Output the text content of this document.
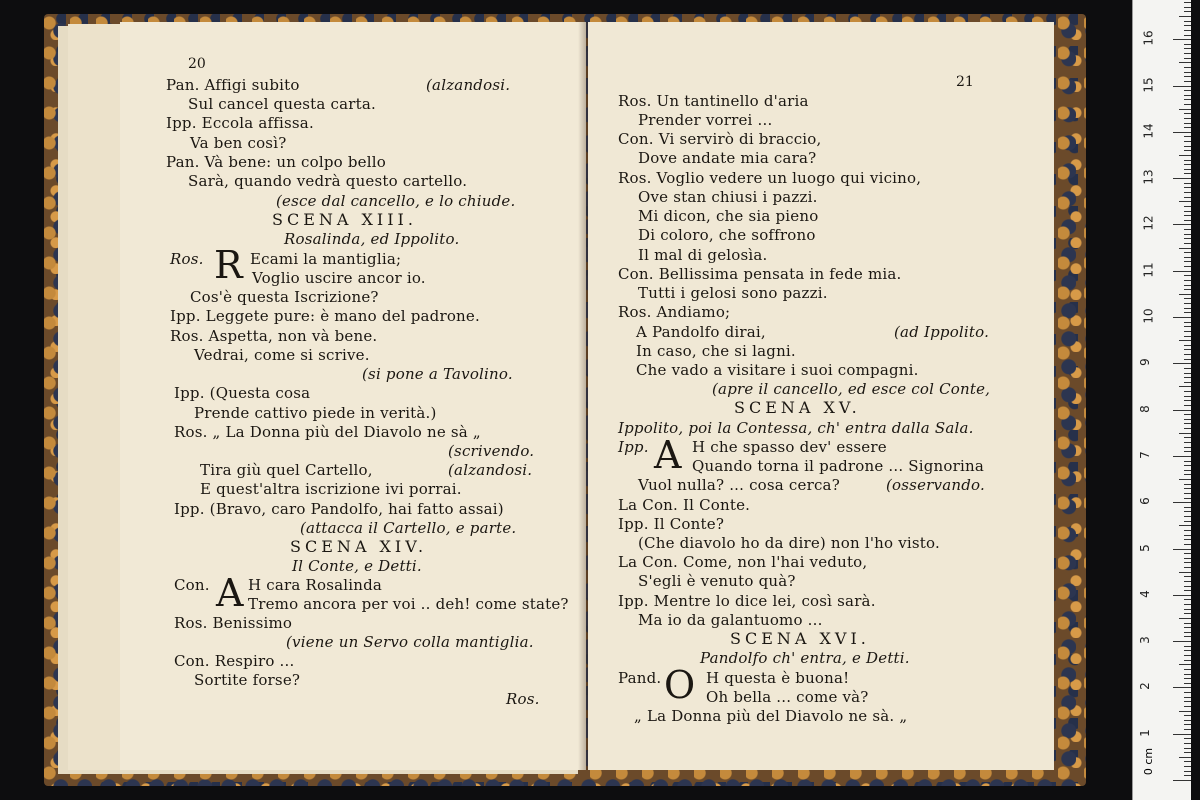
20
Pan. Affigi subito	(alzandosi.
Sul cancel questa carta.
Ipp. Eccola affissa.
Va ben così?
Pan. Và bene: un colpo bello
Sarà, quando vedrà questo cartello.
(esce dal cancello, e lo chiude.
SCENA XIII.
Rosalinda, ed Ippolito.
Ros. R Ecami la mantiglia;
Voglio uscire ancor io.
Cos'è questa Iscrizione?
Ipp. Leggete pure: è mano del padrone.
Ros. Aspetta, non và bene.
Vedrai, come si scrive.
(si pone a Tavolino.
Ipp. (Questa cosa
Prende cattivo piede in verità.)
Ros. „ La Donna più del Diavolo ne sà „
(scrivendo.
Tira giù quel Cartello,	(alzandosi.
E quest'altra iscrizione ivi porrai.
Ipp. (Bravo, caro Pandolfo, hai fatto assai)
(attacca il Cartello, e parte.
SCENA XIV.
Il Conte, e Detti.
Con. A H cara Rosalinda
Tremo ancora per voi .. deh! come state?
Ros. Benissimo
(viene un Servo colla mantiglia.
Con. Respiro ...
Sortite forse?
Ros.
21
Ros. Un tantinello d'aria
Prender vorrei ...
Con. Vi servirò di braccio,
Dove andate mia cara?
Ros. Voglio vedere un luogo qui vicino,
Ove stan chiusi i pazzi.
Mi dicon, che sia pieno
Di coloro, che soffrono
Il mal di gelosìa.
Con. Bellissima pensata in fede mia.
Tutti i gelosi sono pazzi.
Ros. Andiamo;
A Pandolfo dirai,	(ad Ippolito.
In caso, che si lagni.
Che vado a visitare i suoi compagni.
(apre il cancello, ed esce col Conte,
SCENA XV.
Ippolito, poi la Contessa, ch' entra dalla Sala.
Ipp. A H che spasso dev' essere
Quando torna il padrone ... Signorina
Vuol nulla? ... cosa cerca?	(osservando.
La Con. Il Conte.
Ipp. Il Conte?
(Che diavolo ho da dire) non l'ho visto.
La Con. Come, non l'hai veduto,
S'egli è venuto quà?
Ipp. Mentre lo dice lei, così sarà.
Ma io da galantuomo ...
SCENA XVI.
Pandolfo ch' entra, e Detti.
Pand. O H questa è buona!
Oh bella ... come và?
„ La Donna più del Diavolo ne sà. „
0 cm
1
2
3
4
5
6
7
8
9
10
11
12
13
14
15
16
